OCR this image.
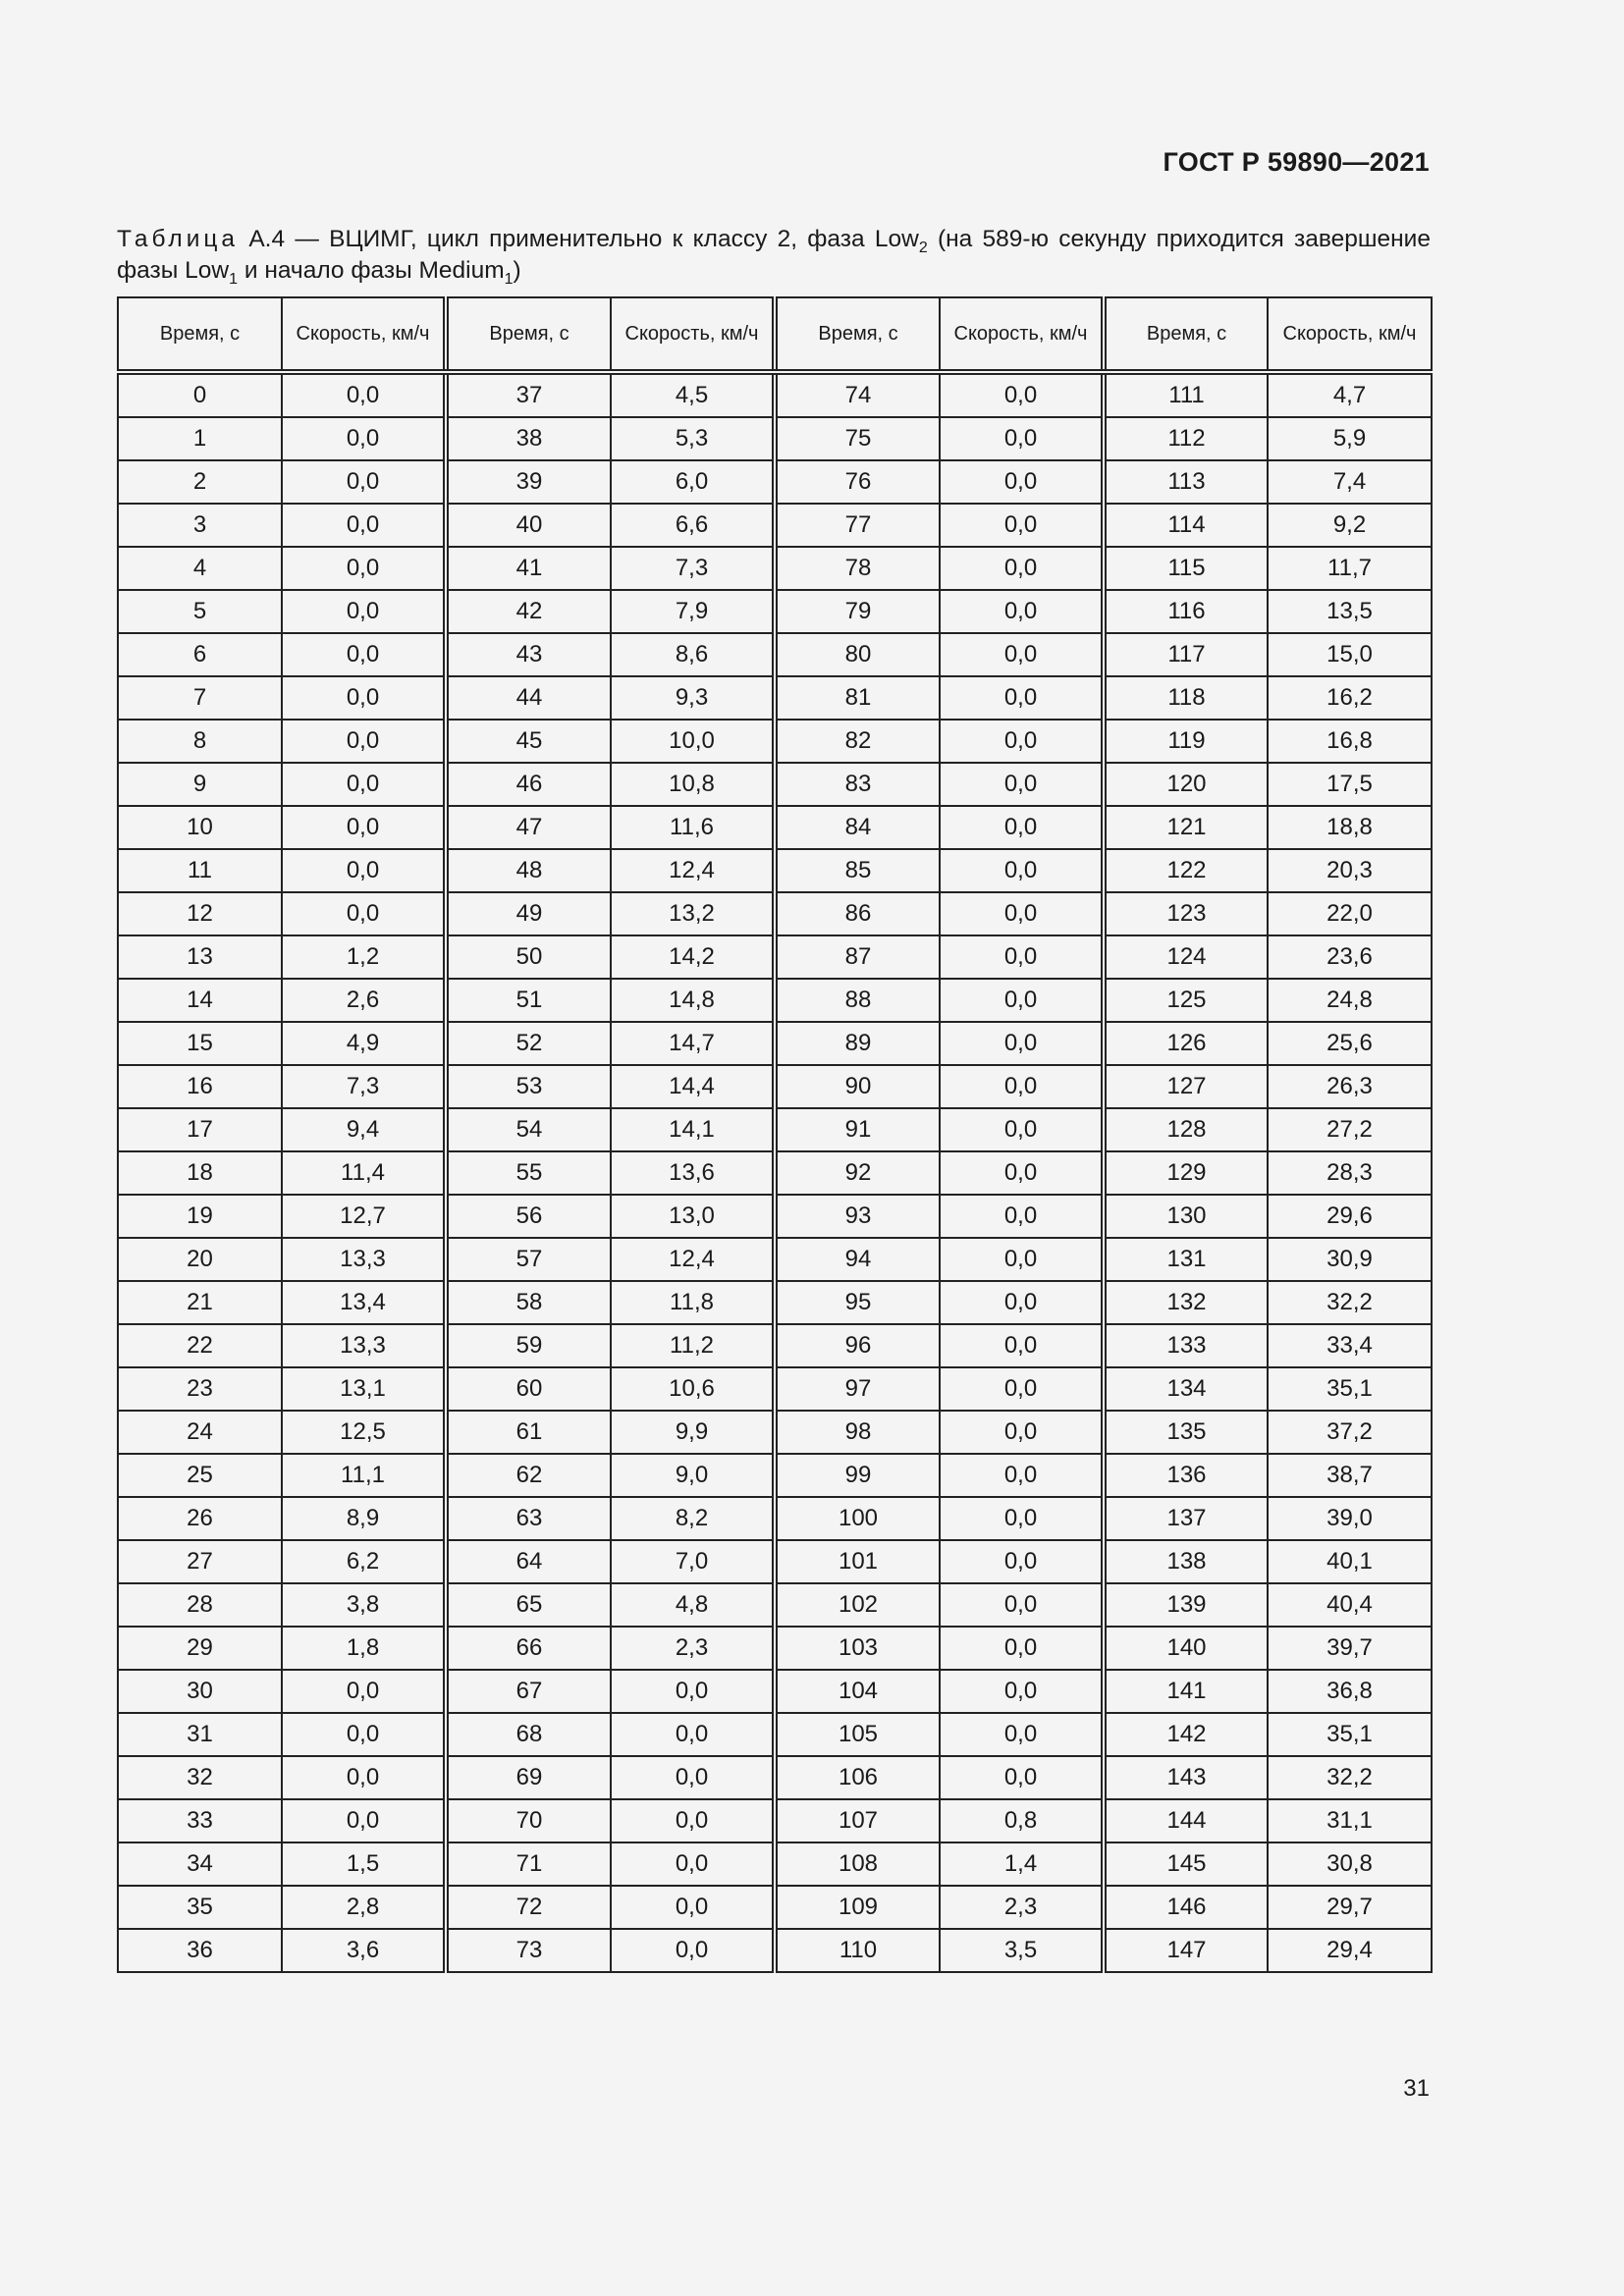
ГОСТ Р 59890—2021
Таблица А.4 — ВЦИМГ, цикл применительно к классу 2, фаза Low$_2$ (на 589-ю секунду приходится завершение фазы Low$_1$ и начало фазы Medium$_1$)
Время, с	Скорость, км/ч	Время, с	Скорость, км/ч	Время, с	Скорость, км/ч	Время, с	Скорость, км/ч
0	0,0	37	4,5	74	0,0	111	4,7
1	0,0	38	5,3	75	0,0	112	5,9
2	0,0	39	6,0	76	0,0	113	7,4
3	0,0	40	6,6	77	0,0	114	9,2
4	0,0	41	7,3	78	0,0	115	11,7
5	0,0	42	7,9	79	0,0	116	13,5
6	0,0	43	8,6	80	0,0	117	15,0
7	0,0	44	9,3	81	0,0	118	16,2
8	0,0	45	10,0	82	0,0	119	16,8
9	0,0	46	10,8	83	0,0	120	17,5
10	0,0	47	11,6	84	0,0	121	18,8
11	0,0	48	12,4	85	0,0	122	20,3
12	0,0	49	13,2	86	0,0	123	22,0
13	1,2	50	14,2	87	0,0	124	23,6
14	2,6	51	14,8	88	0,0	125	24,8
15	4,9	52	14,7	89	0,0	126	25,6
16	7,3	53	14,4	90	0,0	127	26,3
17	9,4	54	14,1	91	0,0	128	27,2
18	11,4	55	13,6	92	0,0	129	28,3
19	12,7	56	13,0	93	0,0	130	29,6
20	13,3	57	12,4	94	0,0	131	30,9
21	13,4	58	11,8	95	0,0	132	32,2
22	13,3	59	11,2	96	0,0	133	33,4
23	13,1	60	10,6	97	0,0	134	35,1
24	12,5	61	9,9	98	0,0	135	37,2
25	11,1	62	9,0	99	0,0	136	38,7
26	8,9	63	8,2	100	0,0	137	39,0
27	6,2	64	7,0	101	0,0	138	40,1
28	3,8	65	4,8	102	0,0	139	40,4
29	1,8	66	2,3	103	0,0	140	39,7
30	0,0	67	0,0	104	0,0	141	36,8
31	0,0	68	0,0	105	0,0	142	35,1
32	0,0	69	0,0	106	0,0	143	32,2
33	0,0	70	0,0	107	0,8	144	31,1
34	1,5	71	0,0	108	1,4	145	30,8
35	2,8	72	0,0	109	2,3	146	29,7
36	3,6	73	0,0	110	3,5	147	29,4
31
